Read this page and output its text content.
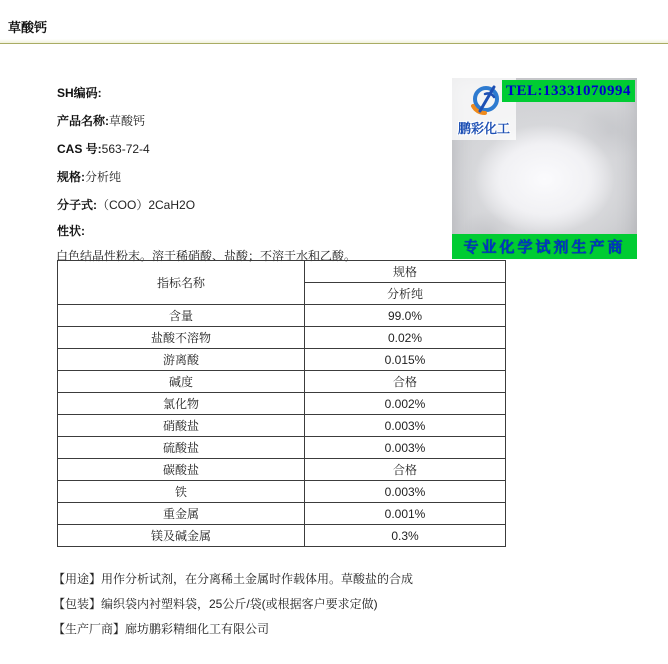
草酸钙
SH编码:
产品名称:草酸钙
CAS 号:563-72-4
规格:分析纯
分子式:（COO）2CaH2O
性状:
白色结晶性粉末。溶于稀硝酸、盐酸；不溶于水和乙酸。
鹏彩化工
TEL:13331070994
专业化学试剂生产商
指标名称	规格
	分析纯
含量	99.0%
盐酸不溶物	0.02%
游离酸	0.015%
碱度	合格
氯化物	0.002%
硝酸盐	0.003%
硫酸盐	0.003%
碳酸盐	合格
铁	0.003%
重金属	0.001%
镁及碱金属	0.3%
【用途】用作分析试剂，在分离稀土金属时作载体用。草酸盐的合成
【包装】编织袋内衬塑料袋，25公斤/袋(或根据客户要求定做)
【生产厂商】廊坊鹏彩精细化工有限公司
